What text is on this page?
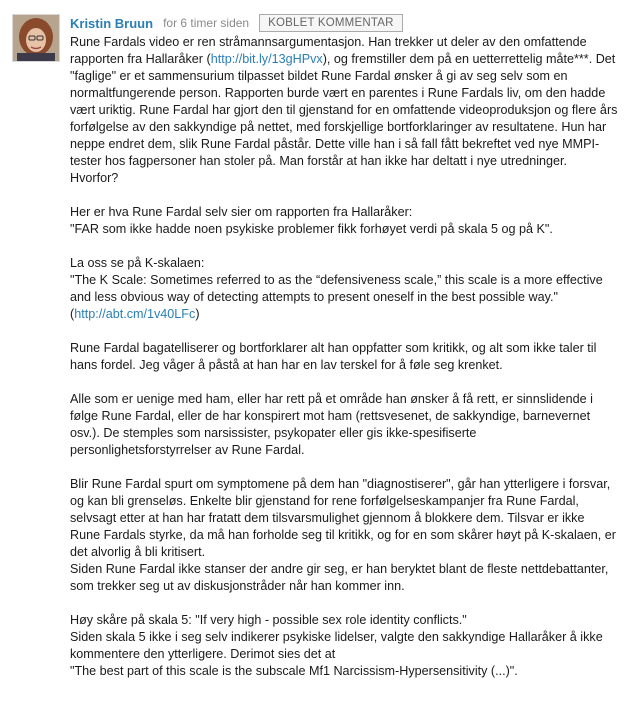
Kristin Bruun for 6 timer siden	KOBLET KOMMENTAR

Rune Fardals video er ren stråmannsargumentasjon. Han trekker ut deler av den omfattende rapporten fra Hallaråker (http://bit.ly/13gHPvx), og fremstiller dem på en uetterrettelig måte***. Det "faglige" er et sammensurium tilpasset bildet Rune Fardal ønsker å gi av seg selv som en normaltfungerende person. Rapporten burde vært en parentes i Rune Fardals liv, om den hadde vært uriktig. Rune Fardal har gjort den til gjenstand for en omfattende videoproduksjon og flere års forfølgelse av den sakkyndige på nettet, med forskjellige bortforklaringer av resultatene. Hun har neppe endret dem, slik Rune Fardal påstår. Dette ville han i så fall fått bekreftet ved nye MMPI-tester hos fagpersoner han stoler på. Man forstår at han ikke har deltatt i nye utredninger.
Hvorfor?

Her er hva Rune Fardal selv sier om rapporten fra Hallaråker:
"FAR som ikke hadde noen psykiske problemer fikk forhøyet verdi på skala 5 og på K".

La oss se på K-skalaen:
"The K Scale: Sometimes referred to as the “defensiveness scale,” this scale is a more effective and less obvious way of detecting attempts to present oneself in the best possible way."
(http://abt.cm/1v40LFc)

Rune Fardal bagatelliserer og bortforklarer alt han oppfatter som kritikk, og alt som ikke taler til hans fordel. Jeg våger å påstå at han har en lav terskel for å føle seg krenket.

Alle som er uenige med ham, eller har rett på et område han ønsker å få rett, er sinnslidende i følge Rune Fardal, eller de har konspirert mot ham (rettsvesenet, de sakkyndige, barnevernet osv.). De stemples som narsissister, psykopater eller gis ikke-spesifiserte personlighetsforstyrrelser av Rune Fardal.

Blir Rune Fardal spurt om symptomene på dem han "diagnostiserer", går han ytterligere i forsvar, og kan bli grenseløs. Enkelte blir gjenstand for rene forfølgelseskampanjer fra Rune Fardal, selvsagt etter at han har fratatt dem tilsvarsmulighet gjennom å blokkere dem. Tilsvar er ikke Rune Fardals styrke, da må han forholde seg til kritikk, og for en som skårer høyt på K-skalaen, er det alvorlig å bli kritisert.
Siden Rune Fardal ikke stanser der andre gir seg, er han beryktet blant de fleste nettdebattanter, som trekker seg ut av diskusjonstråder når han kommer inn.

Høy skåre på skala 5: "If very high - possible sex role identity conflicts."
Siden skala 5 ikke i seg selv indikerer psykiske lidelser, valgte den sakkyndige Hallaråker å ikke kommentere den ytterligere. Derimot sies det at
"The best part of this scale is the subscale Mf1 Narcissism-Hypersensitivity (...)".
